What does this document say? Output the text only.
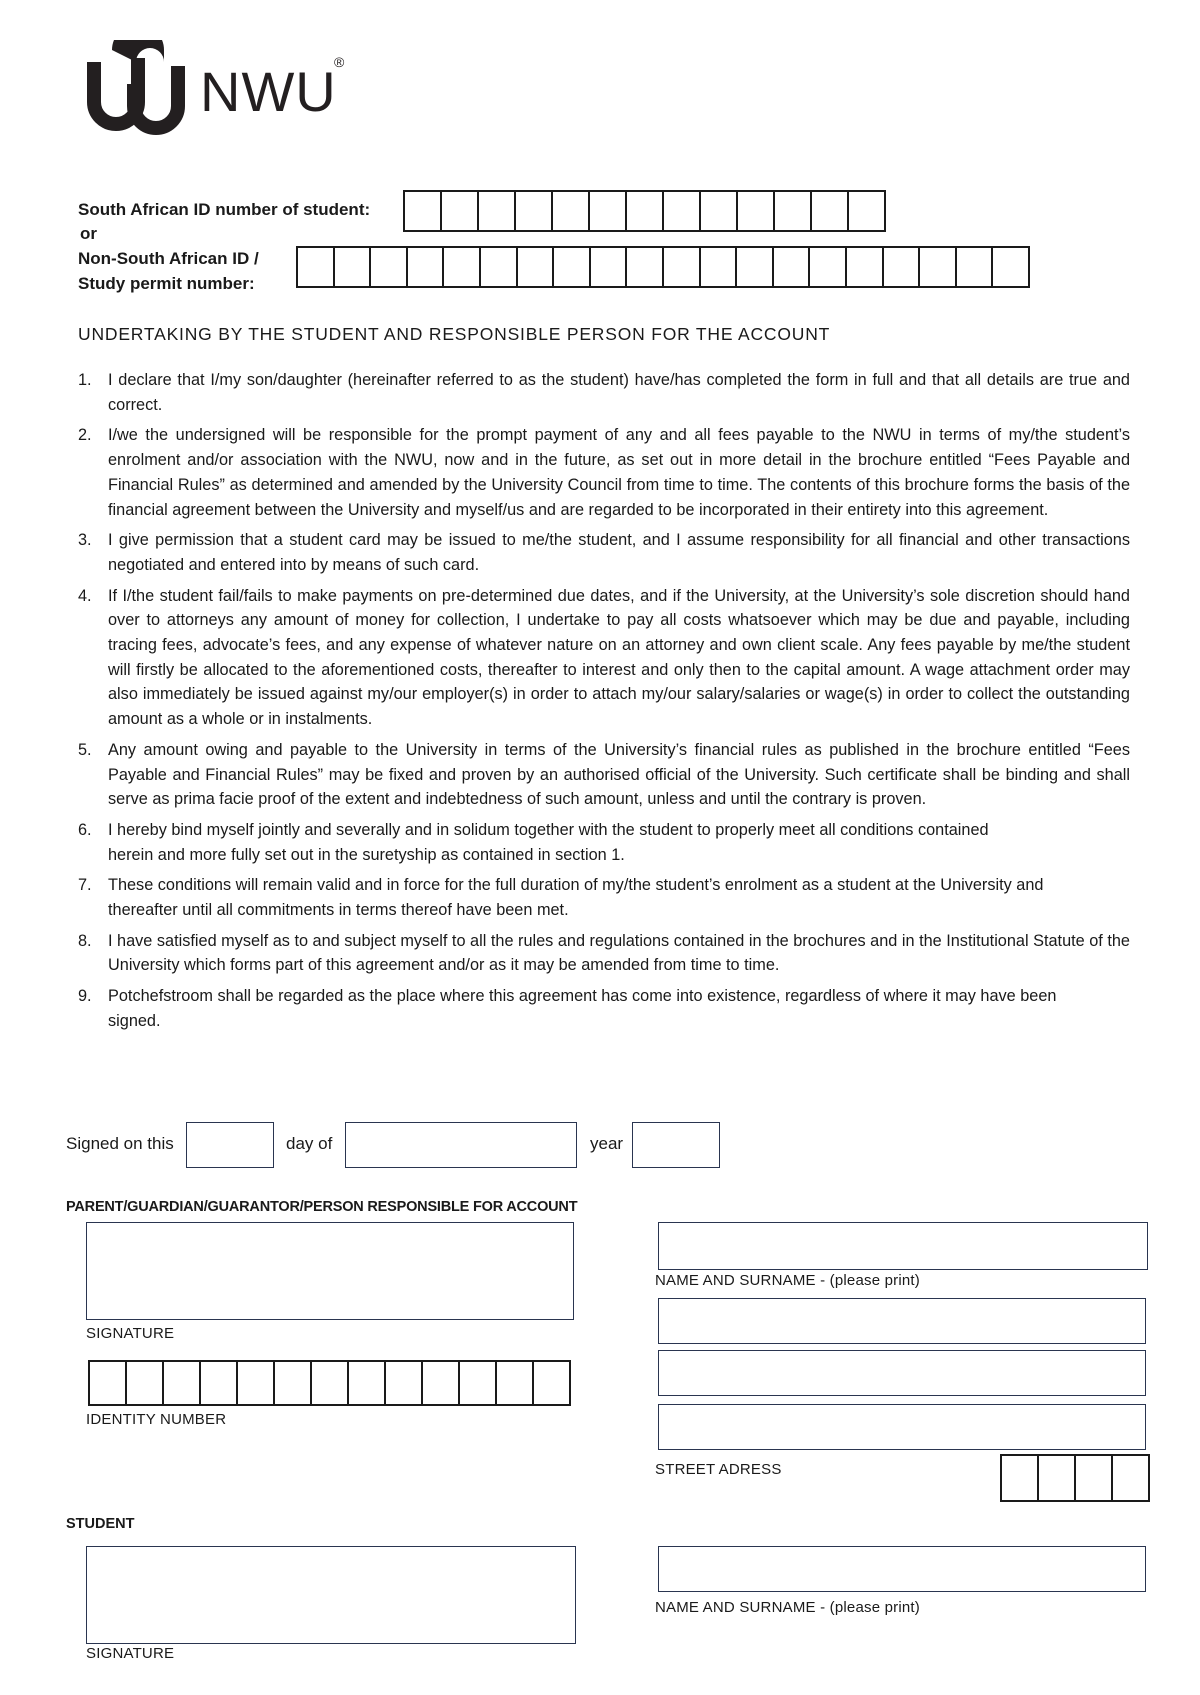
NWU
®
South African ID number of student:
or
Non-South African ID /
Study permit number:
UNDERTAKING BY THE STUDENT AND RESPONSIBLE PERSON FOR THE ACCOUNT
1. I declare that I/my son/daughter (hereinafter referred to as the student) have/has completed the form in full and that all details are true and correct.
2. I/we the undersigned will be responsible for the prompt payment of any and all fees payable to the NWU in terms of my/the student’s enrolment and/or association with the NWU, now and in the future, as set out in more detail in the brochure entitled “Fees Payable and Financial Rules” as determined and amended by the University Council from time to time. The contents of this brochure forms the basis of the financial agreement between the University and myself/us and are regarded to be incorporated in their entirety into this agreement.
3. I give permission that a student card may be issued to me/the student, and I assume responsibility for all financial and other transactions negotiated and entered into by means of such card.
4. If I/the student fail/fails to make payments on pre-determined due dates, and if the University, at the University’s sole discretion should hand over to attorneys any amount of money for collection, I undertake to pay all costs whatsoever which may be due and payable, including tracing fees, advocate’s fees, and any expense of whatever nature on an attorney and own client scale. Any fees payable by me/the student will firstly be allocated to the aforementioned costs, thereafter to interest and only then to the capital amount. A wage attachment order may also immediately be issued against my/our employer(s) in order to attach my/our salary/salaries or wage(s) in order to collect the outstanding amount as a whole or in instalments.
5. Any amount owing and payable to the University in terms of the University’s financial rules as published in the brochure entitled “Fees Payable and Financial Rules” may be fixed and proven by an authorised official of the University. Such certificate shall be binding and shall serve as prima facie proof of the extent and indebtedness of such amount, unless and until the contrary is proven.
6. I hereby bind myself jointly and severally and in solidum together with the student to properly meet all conditions contained herein and more fully set out in the suretyship as contained in section 1.
7. These conditions will remain valid and in force for the full duration of my/the student’s enrolment as a student at the University and thereafter until all commitments in terms thereof have been met.
8. I have satisfied myself as to and subject myself to all the rules and regulations contained in the brochures and in the Institutional Statute of the University which forms part of this agreement and/or as it may be amended from time to time.
9. Potchefstroom shall be regarded as the place where this agreement has come into existence, regardless of where it may have been signed.
Signed on this	day of	year
PARENT/GUARDIAN/GUARANTOR/PERSON RESPONSIBLE FOR ACCOUNT
SIGNATURE
IDENTITY NUMBER
NAME AND SURNAME - (please print)
STREET ADRESS
STUDENT
SIGNATURE
NAME AND SURNAME - (please print)
